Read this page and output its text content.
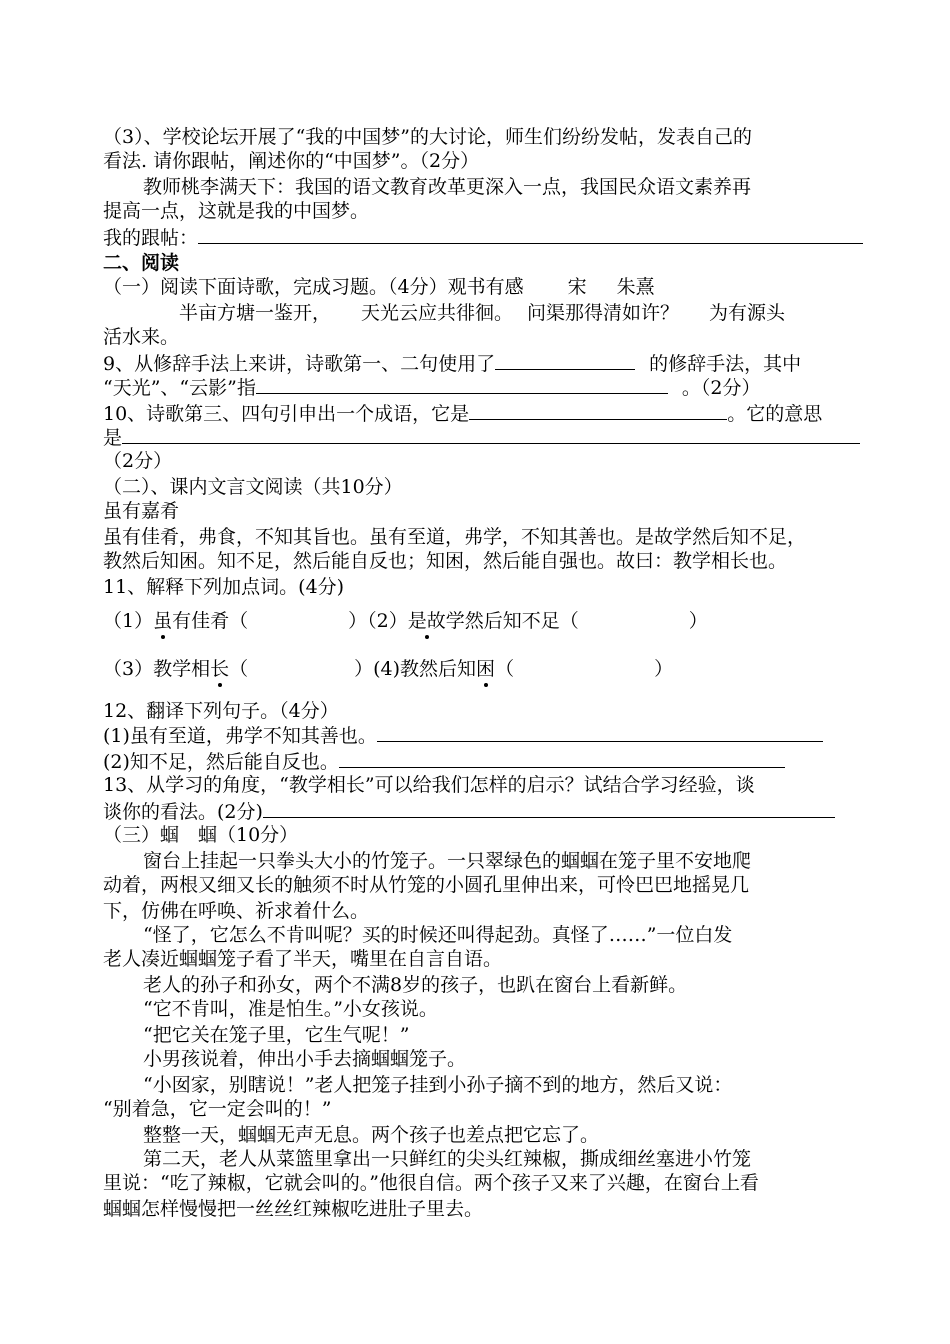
（3）、学校论坛开展了“我的中国梦”的大讨论，师生们纷纷发帖，发表自己的
看法. 请你跟帖，阐述你的“中国梦”。（2分）
教师桃李满天下：我国的语文教育改革更深入一点，我国民众语文素养再
提高一点，这就是我的中国梦。
我的跟帖：
二、阅读
（一）阅读下面诗歌，完成习题。（4分）观书有感 宋 朱熹
半亩方塘一鉴开， 天光云应共徘徊。 问渠那得清如许？ 为有源头
活水来。
9、从修辞手法上来讲，诗歌第一、二句使用了	的修辞手法，其中
“天光”、“云影”指	。（2分）
10、诗歌第三、四句引申出一个成语，它是	。它的意思
是
（2分）
（二）、课内文言文阅读（共10分）
虽有嘉肴
虽有佳肴，弗食，不知其旨也。虽有至道，弗学，不知其善也。是故学然后知不足，
教然后知困。知不足，然后能自反也；知困，然后能自强也。故曰：教学相长也。
11、解释下列加点词。(4分)
（1）虽有佳肴（	）（2）是故学然后知不足（	）
（3）教学相长（	）(4)教然后知困（	）
12、翻译下列句子。（4分）
(1)虽有至道，弗学不知其善也。
(2)知不足，然后能自反也。
13、从学习的角度，“教学相长”可以给我们怎样的启示？试结合学习经验，谈
谈你的看法。(2分)
（三）蝈　蝈（10分）
窗台上挂起一只拳头大小的竹笼子。一只翠绿色的蝈蝈在笼子里不安地爬
动着，两根又细又长的触须不时从竹笼的小圆孔里伸出来，可怜巴巴地摇晃几
下，仿佛在呼唤、祈求着什么。
“怪了，它怎么不肯叫呢？买的时候还叫得起劲。真怪了……”一位白发
老人凑近蝈蝈笼子看了半天，嘴里在自言自语。
老人的孙子和孙女，两个不满8岁的孩子，也趴在窗台上看新鲜。
“它不肯叫，准是怕生。”小女孩说。
“把它关在笼子里，它生气呢！”
小男孩说着，伸出小手去摘蝈蝈笼子。
“小囡家，别瞎说！”老人把笼子挂到小孙子摘不到的地方，然后又说：
“别着急，它一定会叫的！”
整整一天，蝈蝈无声无息。两个孩子也差点把它忘了。
第二天，老人从菜篮里拿出一只鲜红的尖头红辣椒，撕成细丝塞进小竹笼
里说：“吃了辣椒，它就会叫的。”他很自信。两个孩子又来了兴趣，在窗台上看
蝈蝈怎样慢慢把一丝丝红辣椒吃进肚子里去。
